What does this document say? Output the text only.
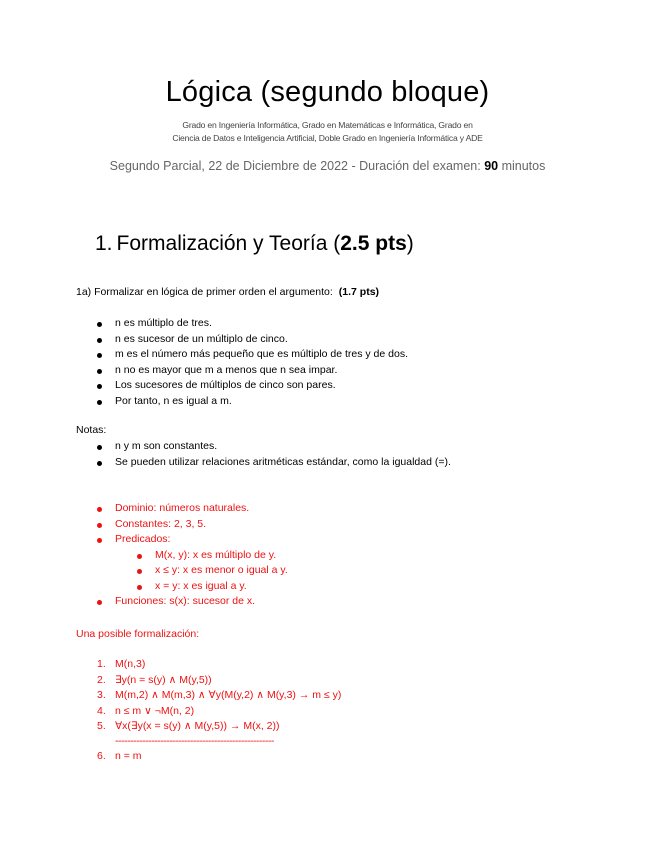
Lógica (segundo bloque)
Grado en Ingeniería Informática, Grado en Matemáticas e Informática, Grado en
Ciencia de Datos e Inteligencia Artificial, Doble Grado en Ingeniería Informática y ADE
Segundo Parcial, 22 de Diciembre de 2022 - Duración del examen: 90 minutos
1. Formalización y Teoría (2.5 pts)
1a) Formalizar en lógica de primer orden el argumento: (1.7 pts)
n es múltiplo de tres.
n es sucesor de un múltiplo de cinco.
m es el número más pequeño que es múltiplo de tres y de dos.
n no es mayor que m a menos que n sea impar.
Los sucesores de múltiplos de cinco son pares.
Por tanto, n es igual a m.
Notas:
n y m son constantes.
Se pueden utilizar relaciones aritméticas estándar, como la igualdad (=).
Dominio: números naturales.
Constantes: 2, 3, 5.
Predicados:
M(x, y): x es múltiplo de y.
x ≤ y: x es menor o igual a y.
x = y: x es igual a y.
Funciones: s(x): sucesor de x.
Una posible formalización:
1. M(n,3)
2. ∃y(n = s(y) ∧ M(y,5))
3. M(m,2) ∧ M(m,3) ∧ ∀y(M(y,2) ∧ M(y,3) → m ≤ y)
4. n ≤ m ∨ ¬M(n, 2)
5. ∀x(∃y(x = s(y) ∧ M(y,5)) → M(x, 2))
-----------------------------------------------------
6. n = m
